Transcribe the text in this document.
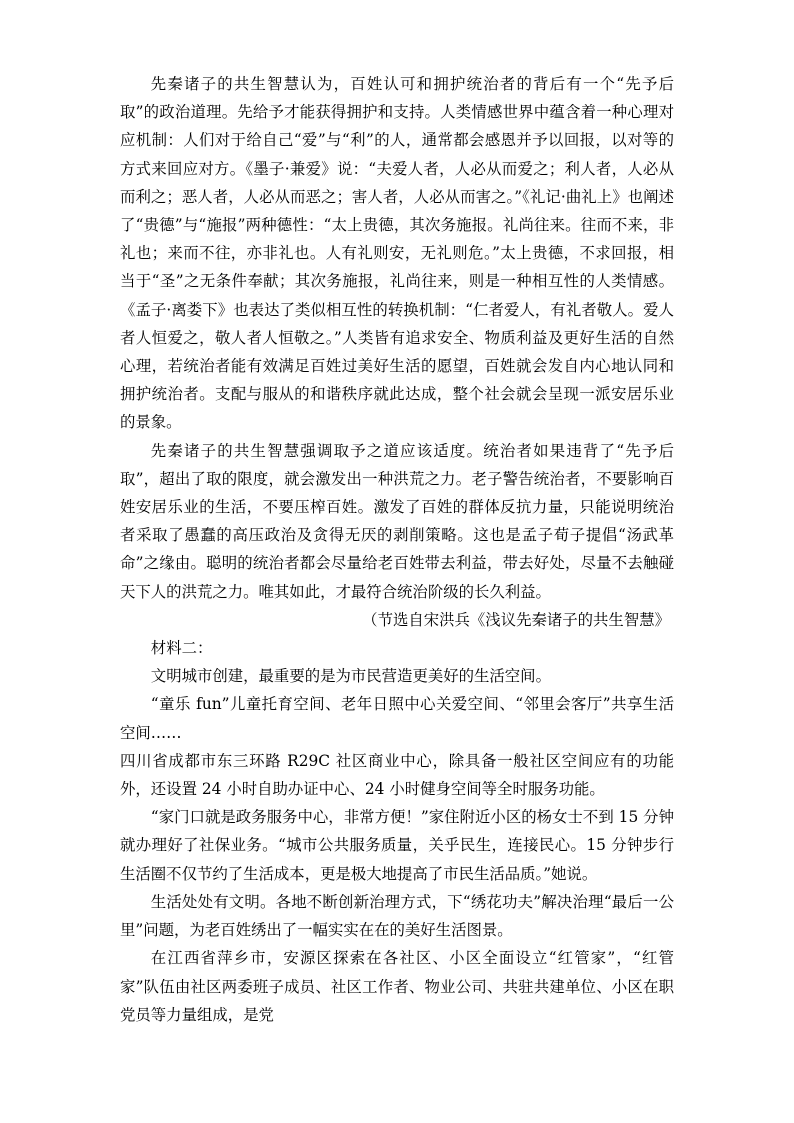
先秦诸子的共生智慧认为，百姓认可和拥护统治者的背后有一个“先予后取”的政治道理。先给予才能获得拥护和支持。人类情感世界中蕴含着一种心理对应机制：人们对于给自己“爱”与“利”的人，通常都会感恩并予以回报，以对等的方式来回应对方。《墨子·兼爱》说：“夫爱人者，人必从而爱之；利人者，人必从而利之；恶人者，人必从而恶之；害人者，人必从而害之。”《礼记·曲礼上》也阐述了“贵德”与“施报”两种德性：“太上贵德，其次务施报。礼尚往来。往而不来，非礼也；来而不往，亦非礼也。人有礼则安，无礼则危。”太上贵德，不求回报，相当于“圣”之无条件奉献；其次务施报，礼尚往来，则是一种相互性的人类情感。《孟子·离娄下》也表达了类似相互性的转换机制：“仁者爱人，有礼者敬人。爱人者人恒爱之，敬人者人恒敬之。”人类皆有追求安全、物质利益及更好生活的自然心理，若统治者能有效满足百姓过美好生活的愿望，百姓就会发自内心地认同和拥护统治者。支配与服从的和谐秩序就此达成，整个社会就会呈现一派安居乐业的景象。

先秦诸子的共生智慧强调取予之道应该适度。统治者如果违背了“先予后取”，超出了取的限度，就会激发出一种洪荒之力。老子警告统治者，不要影响百姓安居乐业的生活，不要压榨百姓。激发了百姓的群体反抗力量，只能说明统治者采取了愚蠢的高压政治及贪得无厌的剥削策略。这也是孟子荀子提倡“汤武革命”之缘由。聪明的统治者都会尽量给老百姓带去利益，带去好处，尽量不去触碰天下人的洪荒之力。唯其如此，才最符合统治阶级的长久利益。

（节选自宋洪兵《浅议先秦诸子的共生智慧》

材料二：

文明城市创建，最重要的是为市民营造更美好的生活空间。

“童乐 fun”儿童托育空间、老年日照中心关爱空间、“邻里会客厅”共享生活空间……

四川省成都市东三环路 R29C 社区商业中心，除具备一般社区空间应有的功能外，还设置 24 小时自助办证中心、24 小时健身空间等全时服务功能。

“家门口就是政务服务中心，非常方便！”家住附近小区的杨女士不到 15 分钟就办理好了社保业务。“城市公共服务质量，关乎民生，连接民心。15 分钟步行生活圈不仅节约了生活成本，更是极大地提高了市民生活品质。”她说。

生活处处有文明。各地不断创新治理方式，下“绣花功夫”解决治理“最后一公里”问题，为老百姓绣出了一幅实实在在的美好生活图景。

在江西省萍乡市，安源区探索在各社区、小区全面设立“红管家”，“红管家”队伍由社区两委班子成员、社区工作者、物业公司、共驻共建单位、小区在职党员等力量组成，是党
